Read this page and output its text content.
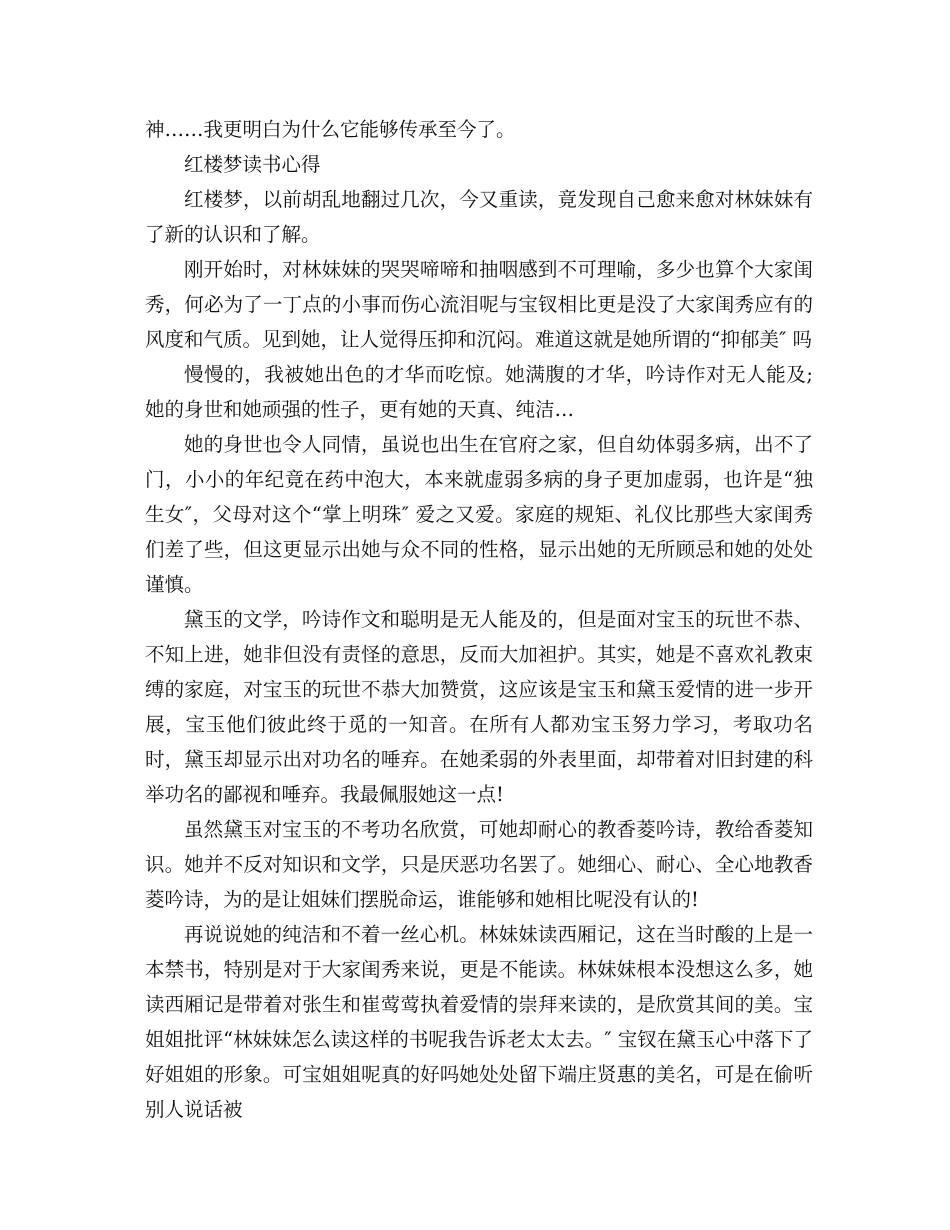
神……我更明白为什么它能够传承至今了。

红楼梦读书心得

红楼梦，以前胡乱地翻过几次，今又重读，竟发现自己愈来愈对林妹妹有了新的认识和了解。

刚开始时，对林妹妹的哭哭啼啼和抽咽感到不可理喻，多少也算个大家闺秀，何必为了一丁点的小事而伤心流泪呢与宝钗相比更是没了大家闺秀应有的风度和气质。见到她，让人觉得压抑和沉闷。难道这就是她所谓的“抑郁美″ 吗

慢慢的，我被她出色的才华而吃惊。她满腹的才华，吟诗作对无人能及;她的身世和她顽强的性子，更有她的天真、纯洁…

她的身世也令人同情，虽说也出生在官府之家，但自幼体弱多病，出不了门，小小的年纪竟在药中泡大，本来就虚弱多病的身子更加虚弱，也许是“独生女″，父母对这个“掌上明珠″ 爱之又爱。家庭的规矩、礼仪比那些大家闺秀们差了些，但这更显示出她与众不同的性格，显示出她的无所顾忌和她的处处谨慎。

黛玉的文学，吟诗作文和聪明是无人能及的，但是面对宝玉的玩世不恭、不知上进，她非但没有责怪的意思，反而大加袒护。其实，她是不喜欢礼教束缚的家庭，对宝玉的玩世不恭大加赞赏，这应该是宝玉和黛玉爱情的进一步开展，宝玉他们彼此终于觅的一知音。在所有人都劝宝玉努力学习，考取功名时，黛玉却显示出对功名的唾弃。在她柔弱的外表里面，却带着对旧封建的科举功名的鄙视和唾弃。我最佩服她这一点!

虽然黛玉对宝玉的不考功名欣赏，可她却耐心的教香菱吟诗，教给香菱知识。她并不反对知识和文学，只是厌恶功名罢了。她细心、耐心、全心地教香菱吟诗，为的是让姐妹们摆脱命运，谁能够和她相比呢没有认的!

再说说她的纯洁和不着一丝心机。林妹妹读西厢记，这在当时酸的上是一本禁书，特别是对于大家闺秀来说，更是不能读。林妹妹根本没想这么多，她读西厢记是带着对张生和崔莺莺执着爱情的崇拜来读的，是欣赏其间的美。宝姐姐批评“林妹妹怎么读这样的书呢我告诉老太太去。″ 宝钗在黛玉心中落下了好姐姐的形象。可宝姐姐呢真的好吗她处处留下端庄贤惠的美名，可是在偷听别人说话被
